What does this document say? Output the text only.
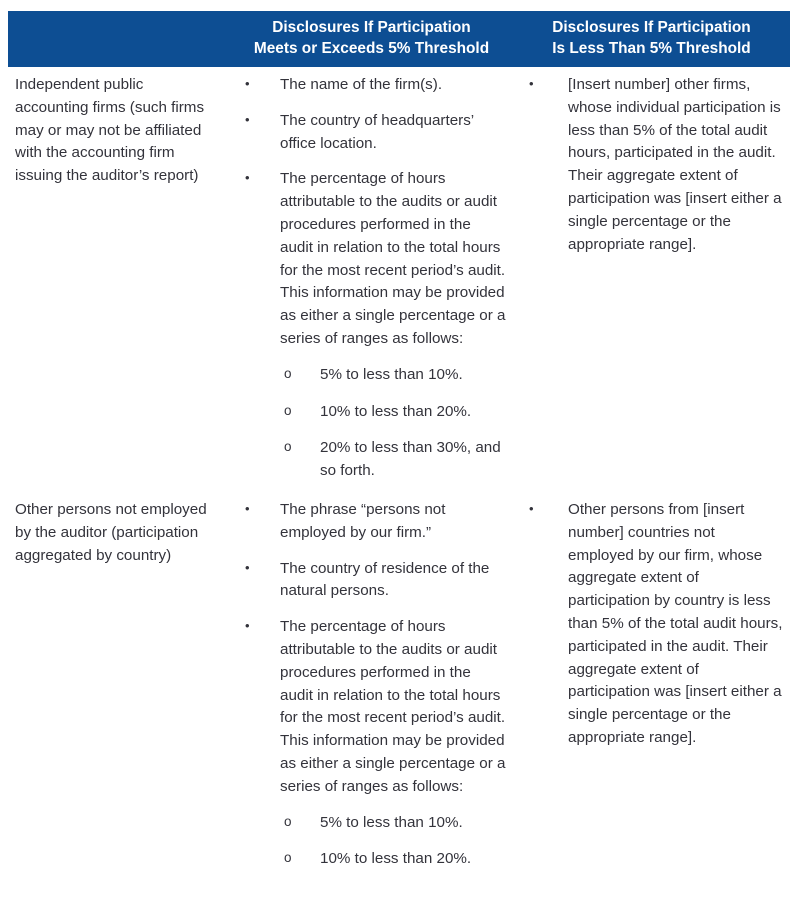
Disclosures If Participation
Meets or Exceeds 5% Threshold
Disclosures If Participation
Is Less Than 5% Threshold

Independent public accounting firms (such firms may or may not be affiliated with the accounting firm issuing the auditor’s report)

• The name of the firm(s).
• The country of headquarters’ office location.
• The percentage of hours attributable to the audits or audit procedures performed in the audit in relation to the total hours for the most recent period’s audit. This information may be provided as either a single percentage or a series of ranges as follows:
o 5% to less than 10%.
o 10% to less than 20%.
o 20% to less than 30%, and so forth.
• [Insert number] other firms, whose individual participation is less than 5% of the total audit hours, participated in the audit. Their aggregate extent of participation was [insert either a single percentage or the appropriate range].

Other persons not employed by the auditor (participation aggregated by country)

• The phrase “persons not employed by our firm.”
• The country of residence of the natural persons.
• The percentage of hours attributable to the audits or audit procedures performed in the audit in relation to the total hours for the most recent period’s audit. This information may be provided as either a single percentage or a series of ranges as follows:
o 5% to less than 10%.
o 10% to less than 20%.
• Other persons from [insert number] countries not employed by our firm, whose aggregate extent of participation by country is less than 5% of the total audit hours, participated in the audit. Their aggregate extent of participation was [insert either a single percentage or the appropriate range].
